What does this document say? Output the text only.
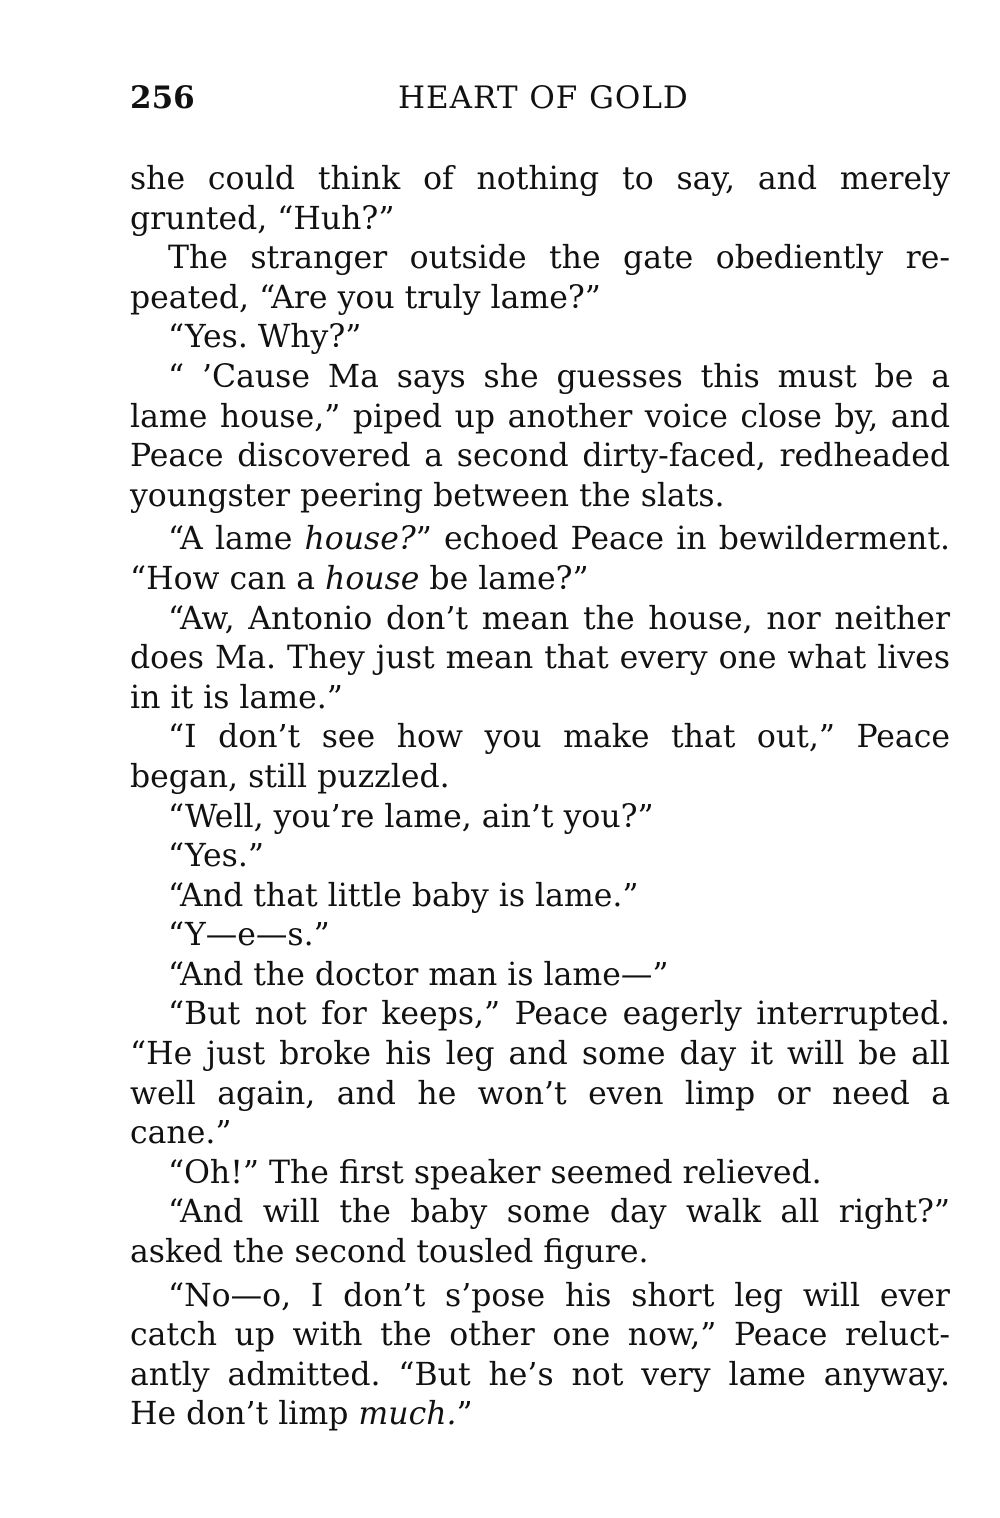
256	HEART OF GOLD

she could think of nothing to say, and merely grunted, “Huh?”

The stranger outside the gate obediently repeated, “Are you truly lame?”

“Yes. Why?”

“ ’Cause Ma says she guesses this must be a lame house,” piped up another voice close by, and Peace discovered a second dirty-faced, redheaded youngster peering between the slats.

“A lame house?” echoed Peace in bewilderment. “How can a house be lame?”

“Aw, Antonio don’t mean the house, nor neither does Ma. They just mean that every one what lives in it is lame.”

“I don’t see how you make that out,” Peace began, still puzzled.

“Well, you’re lame, ain’t you?”

“Yes.”

“And that little baby is lame.”

“Y—e—s.”

“And the doctor man is lame—”

“But not for keeps,” Peace eagerly interrupted. “He just broke his leg and some day it will be all well again, and he won’t even limp or need a cane.”

“Oh!” The first speaker seemed relieved.

“And will the baby some day walk all right?” asked the second tousled figure.

“No—o, I don’t s’pose his short leg will ever catch up with the other one now,” Peace reluctantly admitted. “But he’s not very lame anyway. He don’t limp much.”
